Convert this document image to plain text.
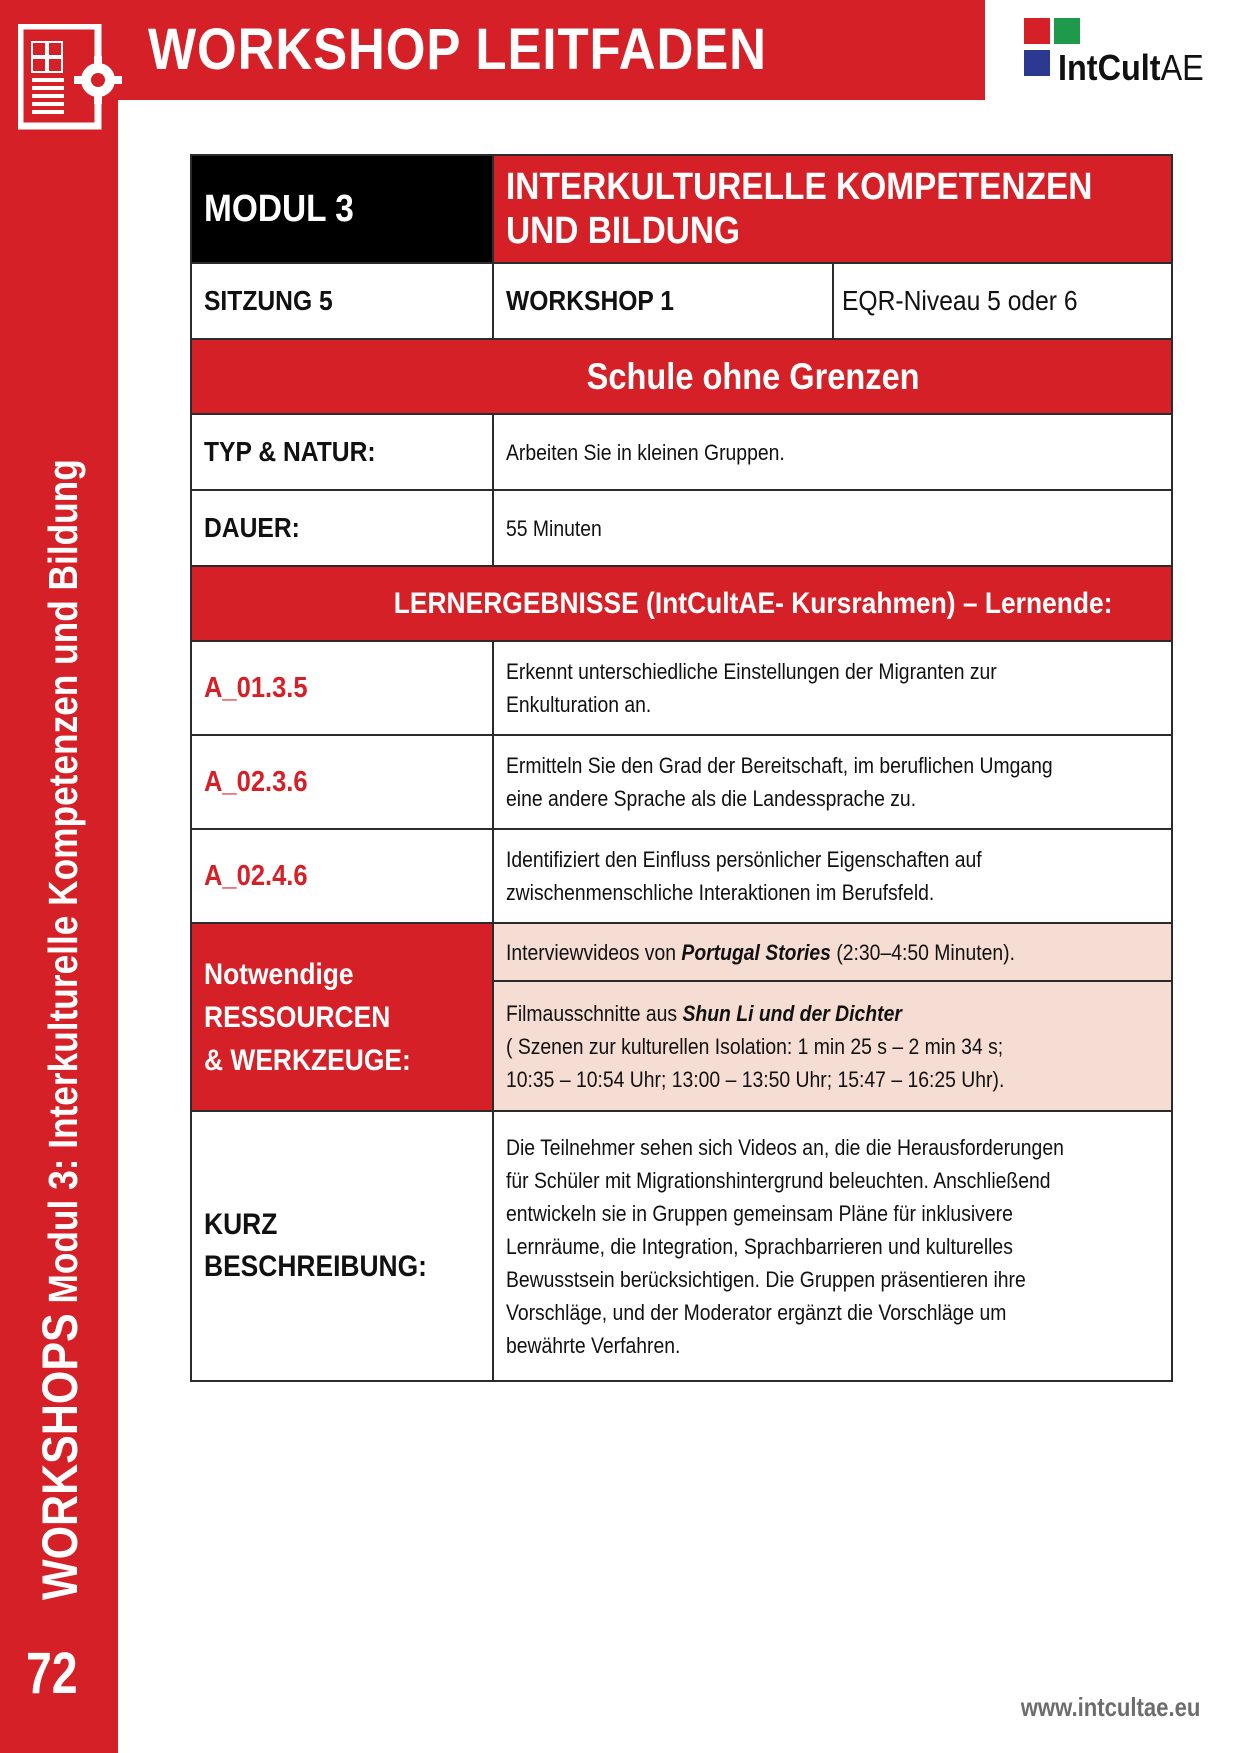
WORKSHOP LEITFADEN	IntCultAE
WORKSHOPS Modul 3: Interkulturelle Kompetenzen und Bildung
72
MODUL 3	INTERKULTURELLE KOMPETENZEN
UND BILDUNG	

SITZUNG 5	WORKSHOP 1	EQR-Niveau 5 oder 6

Schule ohne Grenzen		

TYP & NATUR:	Arbeiten Sie in kleinen Gruppen.	

DAUER:	55 Minuten	

LERNERGEBNISSE (IntCultAE- Kursrahmen) – Lernende:		

A_01.3.5	Erkennt unterschiedliche Einstellungen der Migranten zur
Enkulturation an.	

A_02.3.6	Ermitteln Sie den Grad der Bereitschaft, im beruflichen Umgang
eine andere Sprache als die Landessprache zu.	

A_02.4.6	Identifiziert den Einfluss persönlicher Eigenschaften auf
zwischenmenschliche Interaktionen im Berufsfeld.	

Notwendige
RESSOURCEN
& WERKZEUGE:	Interviewvideos von Portugal Stories (2:30–4:50 Minuten).	

	Filmausschnitte aus Shun Li und der Dichter
( Szenen zur kulturellen Isolation: 1 min 25 s – 2 min 34 s;
10:35 – 10:54 Uhr; 13:00 – 13:50 Uhr; 15:47 – 16:25 Uhr).	

KURZ
BESCHREIBUNG:

Die Teilnehmer sehen sich Videos an, die die Herausforderungen
für Schüler mit Migrationshintergrund beleuchten. Anschließend
entwickeln sie in Gruppen gemeinsam Pläne für inklusivere
Lernräume, die Integration, Sprachbarrieren und kulturelles
Bewusstsein berücksichtigen. Die Gruppen präsentieren ihre
Vorschläge, und der Moderator ergänzt die Vorschläge um
bewährte Verfahren.
www.intcultae.eu
